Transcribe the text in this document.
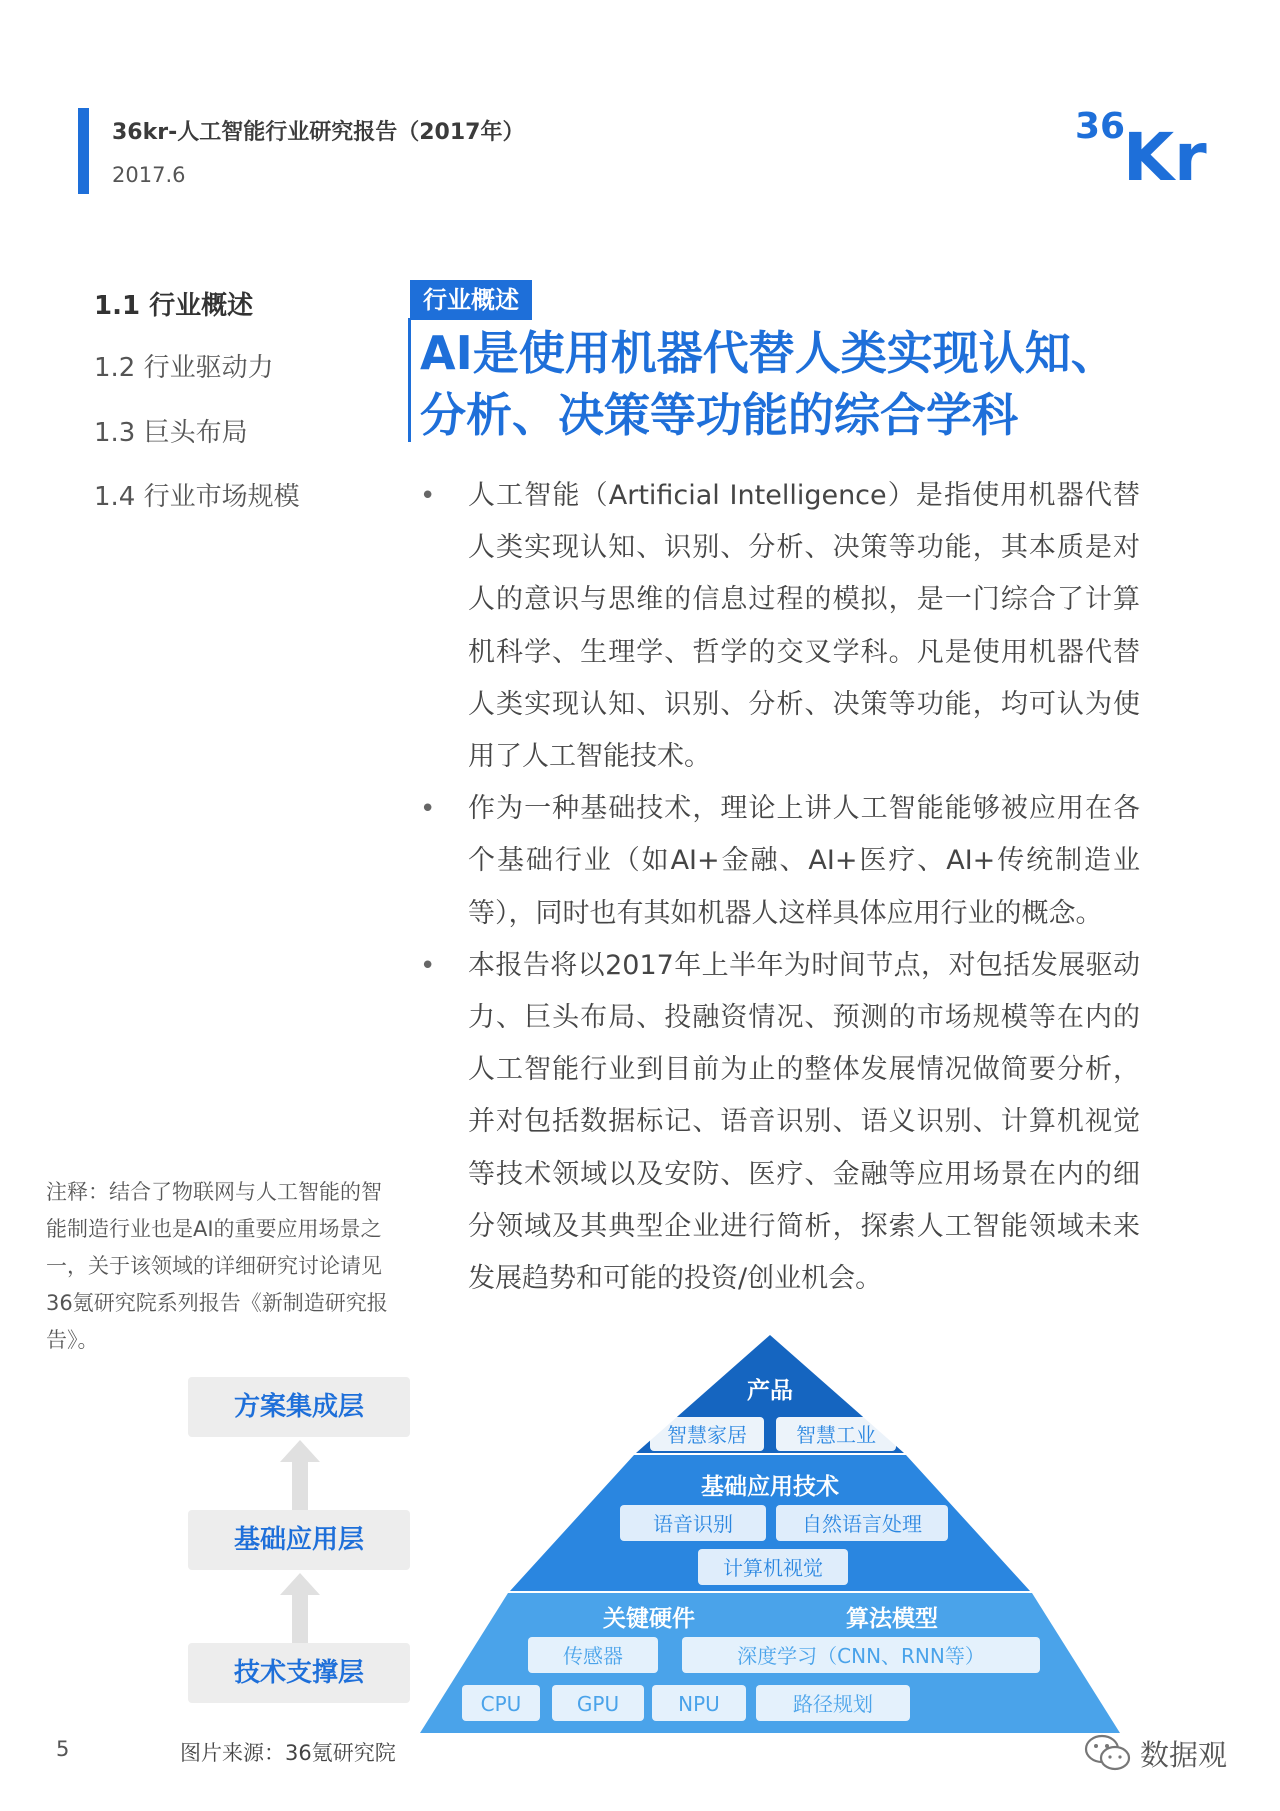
36kr-人工智能行业研究报告（2017年）
2017.6
36
Kr
1.1 行业概述
1.2 行业驱动力
1.3 巨头布局
1.4 行业市场规模
行业概述
AI是使用机器代替人类实现认知、分析、决策等功能的综合学科
• 人工智能（Artificial Intelligence）是指使用机器代替人类实现认知、识别、分析、决策等功能，其本质是对人的意识与思维的信息过程的模拟，是一门综合了计算机科学、生理学、哲学的交叉学科。凡是使用机器代替人类实现认知、识别、分析、决策等功能，均可认为使用了人工智能技术。
• 作为一种基础技术，理论上讲人工智能能够被应用在各个基础行业（如AI+金融、AI+医疗、AI+传统制造业等），同时也有其如机器人这样具体应用行业的概念。
• 本报告将以2017年上半年为时间节点，对包括发展驱动力、巨头布局、投融资情况、预测的市场规模等在内的人工智能行业到目前为止的整体发展情况做简要分析，并对包括数据标记、语音识别、语义识别、计算机视觉等技术领域以及安防、医疗、金融等应用场景在内的细分领域及其典型企业进行简析，探索人工智能领域未来发展趋势和可能的投资/创业机会。
注释：结合了物联网与人工智能的智能制造行业也是AI的重要应用场景之一，关于该领域的详细研究讨论请见36氪研究院系列报告《新制造研究报告》。
方案集成层
基础应用层
技术支撑层
产品
智慧家居 智慧工业
基础应用技术
语音识别	自然语言处理
计算机视觉
关键硬件	算法模型
传感器	深度学习（CNN、RNN等）
CPU	GPU	NPU	路径规划
5	图片来源：36氪研究院	数据观
